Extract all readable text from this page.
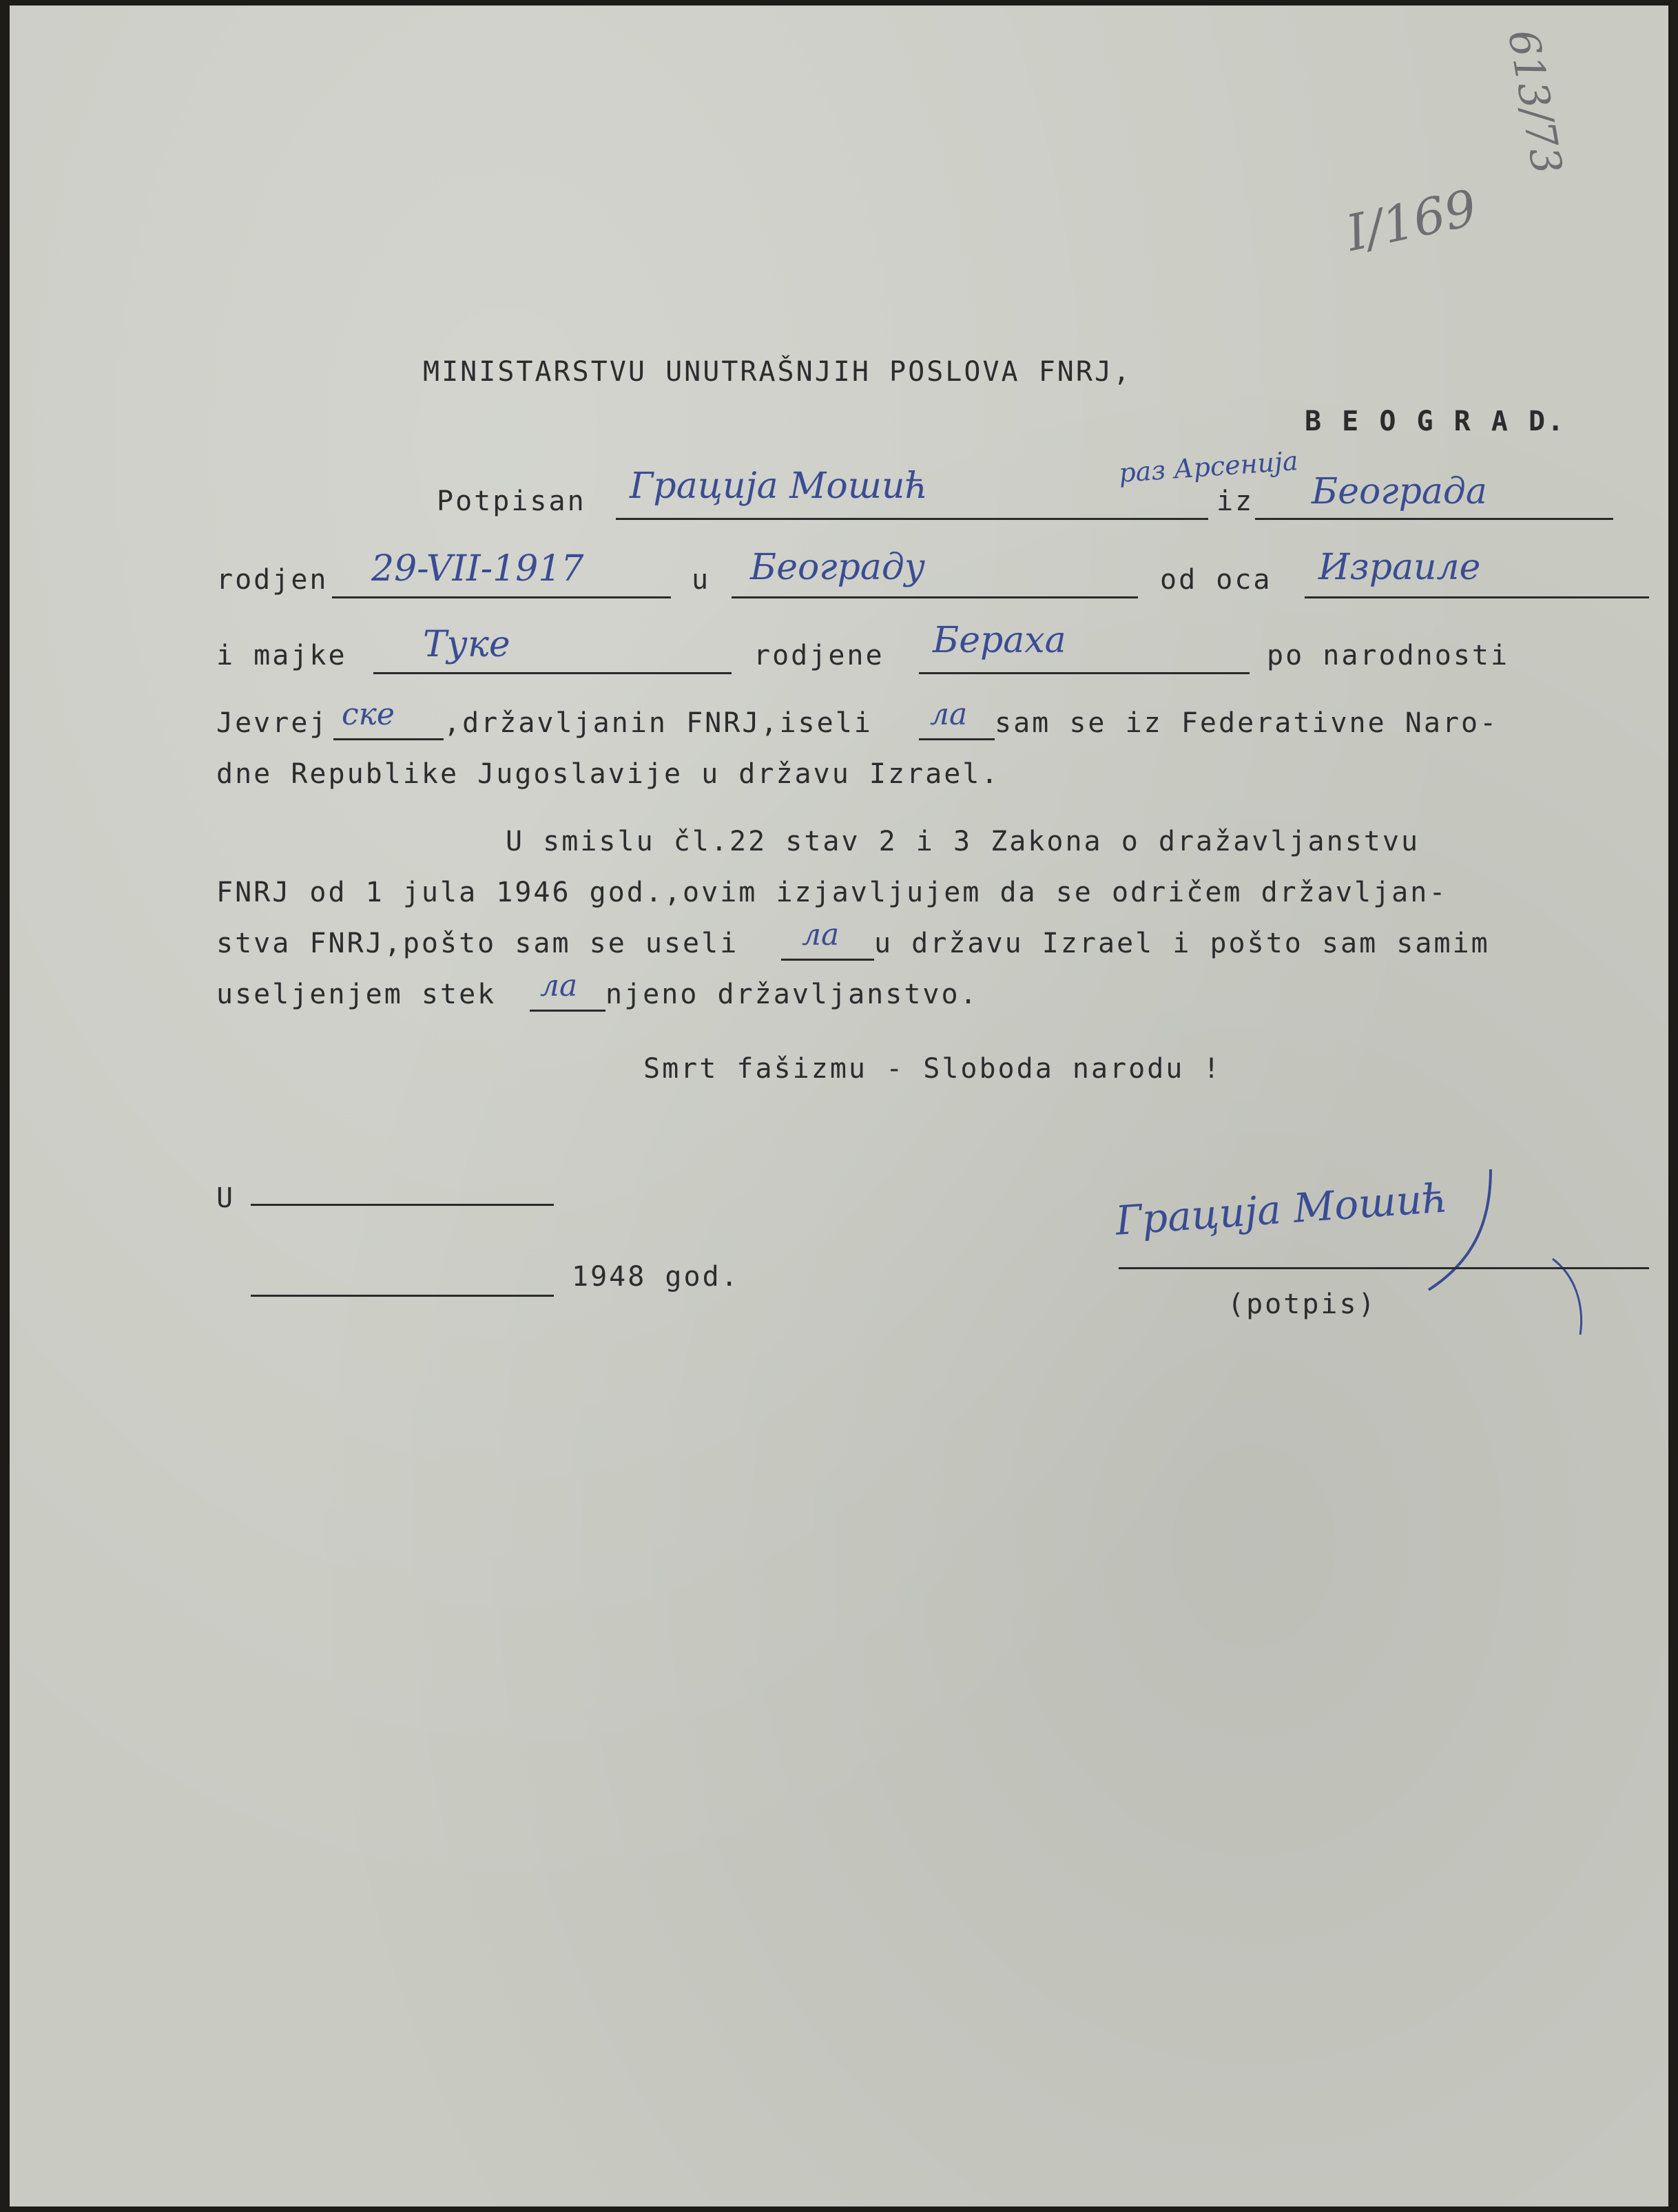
613/73
I/169
MINISTARSTVU UNUTRAŠNJIH POSLOVA FNRJ,
B E O G R A D.
Potpisan Грација Мошић	раз Арсенија
iz Београда
rodjen 29-VII-1917	u Београду	od oca Израиле
i majke Туке	rodjene Бераха	po narodnosti
Jevrej ске ,državljanin FNRJ,iseli ла sam se iz Federativne Naro-
dne Republike Jugoslavije u državu Izrael.
U smislu čl.22 stav 2 i 3 Zakona o dražavljanstvu
FNRJ od 1 jula 1946 god.,ovim izjavljujem da se odričem državljan-
stva FNRJ,pošto sam se useli ла u državu Izrael i pošto sam samim
useljenjem stek ла njeno državljanstvo.
Smrt fašizmu - Sloboda narodu !
U
1948 god.
Грација Мошић
(potpis)
